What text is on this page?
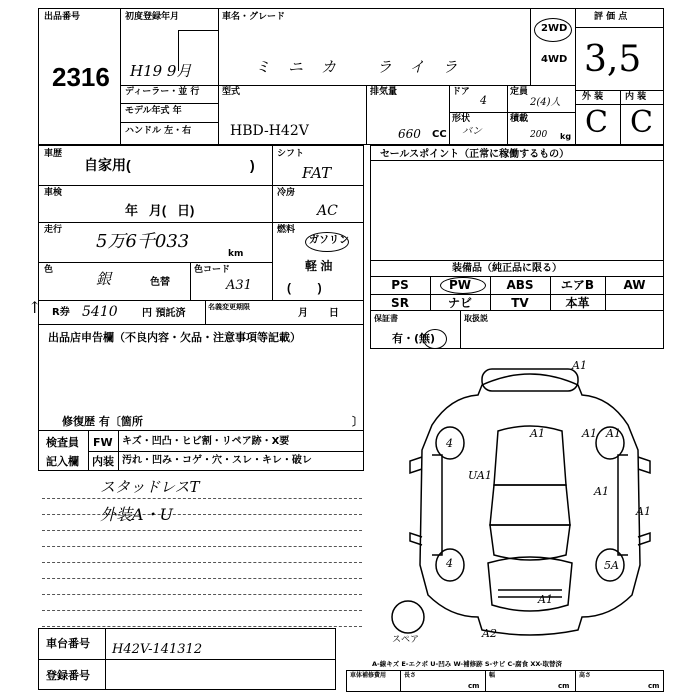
出品番号
2316
初度登録年月
H19 9月
車名・グレード
ミニカ ライラ
2WD
4WD
評 価 点
3,5
ディーラー・並 行
モデル年式 年
ハンドル 左・右
型式
HBD-H42V
排気量
660 CC
ドア
4
定員
2(4)人
形状
バン
積載
200 kg
外 装 内 装
C C
車歴
自家用(	)
車検
年   月(   日)
走行
5万6千033
km
色	銀	色替
色コード
A31
シフト
FAT
冷房
AC
燃料
ガソリン
軽 油
(        )
↑ R券 5410 円 預託済
名義変更期限
月      日
出品店申告欄（不良内容・欠品・注意事項等記載）
修復歴 有〔箇所	〕
検査員
記入欄
FW キズ・凹凸・ヒビ割・リペア跡・X要
内装 汚れ・凹み・コゲ・穴・スレ・キレ・破レ
スタッドレスT
外装A・U
セールスポイント（正常に稼働するもの）
装備品（純正品に限る）
PS	PW	ABS	エアB	AW
SR	ナビ	TV	本革
保証書
有・(無)
取扱説
A1
A1
4
A1
UA1
A1
4	5A
A1
A2
A1
A1
スペア
車台番号 H42V-141312
登録番号
A-線キズ E-エクボ U-凹み W-補修跡 S-サビ C-腐食 XX-取替済
車体補修費用	長さ	幅	高さ
cm	cm	cm
